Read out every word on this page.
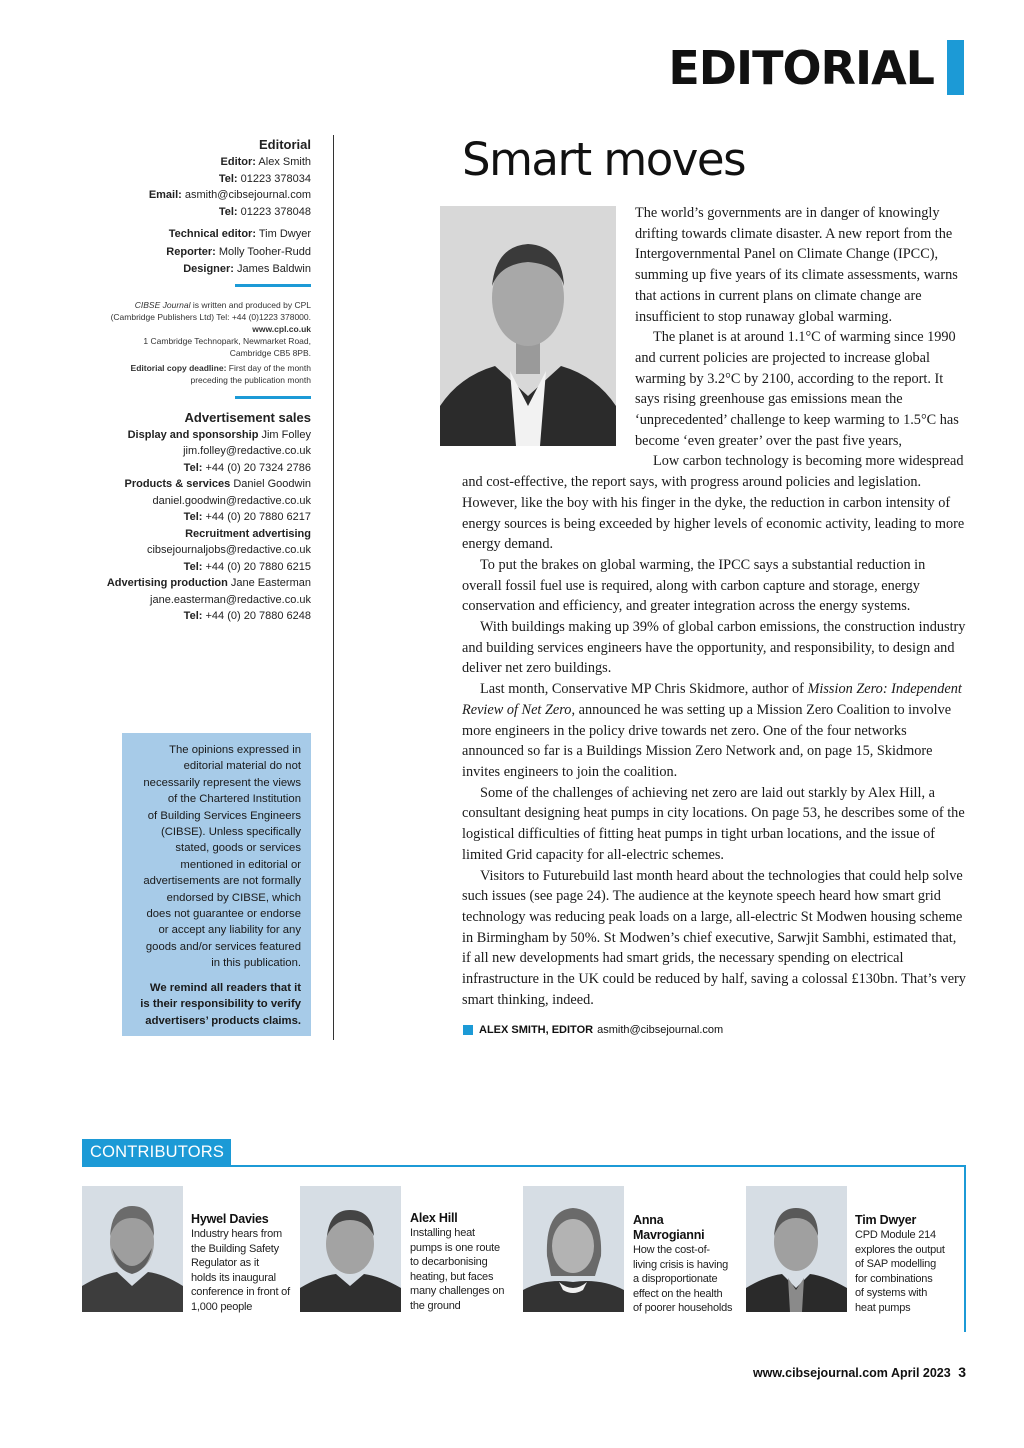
EDITORIAL
Editorial
Editor: Alex Smith
Tel: 01223 378034
Email: asmith@cibsejournal.com
Tel: 01223 378048
Technical editor: Tim Dwyer
Reporter: Molly Tooher-Rudd
Designer: James Baldwin
CIBSE Journal is written and produced by CPL
(Cambridge Publishers Ltd) Tel: +44 (0)1223 378000.
www.cpl.co.uk
1 Cambridge Technopark, Newmarket Road,
Cambridge CB5 8PB.
Editorial copy deadline: First day of the month
preceding the publication month
Advertisement sales
Display and sponsorship Jim Folley
jim.folley@redactive.co.uk
Tel: +44 (0) 20 7324 2786
Products & services Daniel Goodwin
daniel.goodwin@redactive.co.uk
Tel: +44 (0) 20 7880 6217
Recruitment advertising
cibsejournaljobs@redactive.co.uk
Tel: +44 (0) 20 7880 6215
Advertising production Jane Easterman
jane.easterman@redactive.co.uk
Tel: +44 (0) 20 7880 6248
The opinions expressed in
editorial material do not
necessarily represent the views
of the Chartered Institution
of Building Services Engineers
(CIBSE). Unless specifically
stated, goods or services
mentioned in editorial or
advertisements are not formally
endorsed by CIBSE, which
does not guarantee or endorse
or accept any liability for any
goods and/or services featured
in this publication.
We remind all readers that it
is their responsibility to verify
advertisers’ products claims.
Smart moves

The world’s governments are in danger of knowingly drifting towards climate disaster. A new report from the Intergovernmental Panel on Climate Change (IPCC), summing up five years of its climate assessments, warns that actions in current plans on climate change are insufficient to stop runaway global warming.

The planet is at around 1.1°C of warming since 1990 and current policies are projected to increase global warming by 3.2°C by 2100, according to the report. It says rising greenhouse gas emissions mean the ‘unprecedented’ challenge to keep warming to 1.5°C has become ‘even greater’ over the past five years,

Low carbon technology is becoming more widespread and cost-effective, the report says, with progress around policies and legislation. However, like the boy with his finger in the dyke, the reduction in carbon intensity of energy sources is being exceeded by higher levels of economic activity, leading to more energy demand.

To put the brakes on global warming, the IPCC says a substantial reduction in overall fossil fuel use is required, along with carbon capture and storage, energy conservation and efficiency, and greater integration across the energy systems.

With buildings making up 39% of global carbon emissions, the construction industry and building services engineers have the opportunity, and responsibility, to design and deliver net zero buildings.

Last month, Conservative MP Chris Skidmore, author of Mission Zero: Independent Review of Net Zero, announced he was setting up a Mission Zero Coalition to involve more engineers in the policy drive towards net zero. One of the four networks announced so far is a Buildings Mission Zero Network and, on page 15, Skidmore invites engineers to join the coalition.

Some of the challenges of achieving net zero are laid out starkly by Alex Hill, a consultant designing heat pumps in city locations. On page 53, he describes some of the logistical difficulties of fitting heat pumps in tight urban locations, and the issue of limited Grid capacity for all-electric schemes.

Visitors to Futurebuild last month heard about the technologies that could help solve such issues (see page 24). The audience at the keynote speech heard how smart grid technology was reducing peak loads on a large, all-electric St Modwen housing scheme in Birmingham by 50%. St Modwen’s chief executive, Sarwjit Sambhi, estimated that, if all new developments had smart grids, the necessary spending on electrical infrastructure in the UK could be reduced by half, saving a colossal £130bn. That’s very smart thinking, indeed.

ALEX SMITH, EDITOR asmith@cibsejournal.com
CONTRIBUTORS
Hywel Davies
Industry hears from
the Building Safety
Regulator as it
holds its inaugural
conference in front of
1,000 people
Alex Hill
Installing heat
pumps is one route
to decarbonising
heating, but faces
many challenges on
the ground
Anna Mavrogianni
How the cost-of-
living crisis is having
a disproportionate
effect on the health
of poorer households
Tim Dwyer
CPD Module 214
explores the output
of SAP modelling
for combinations
of systems with
heat pumps
www.cibsejournal.com April 2023 3
